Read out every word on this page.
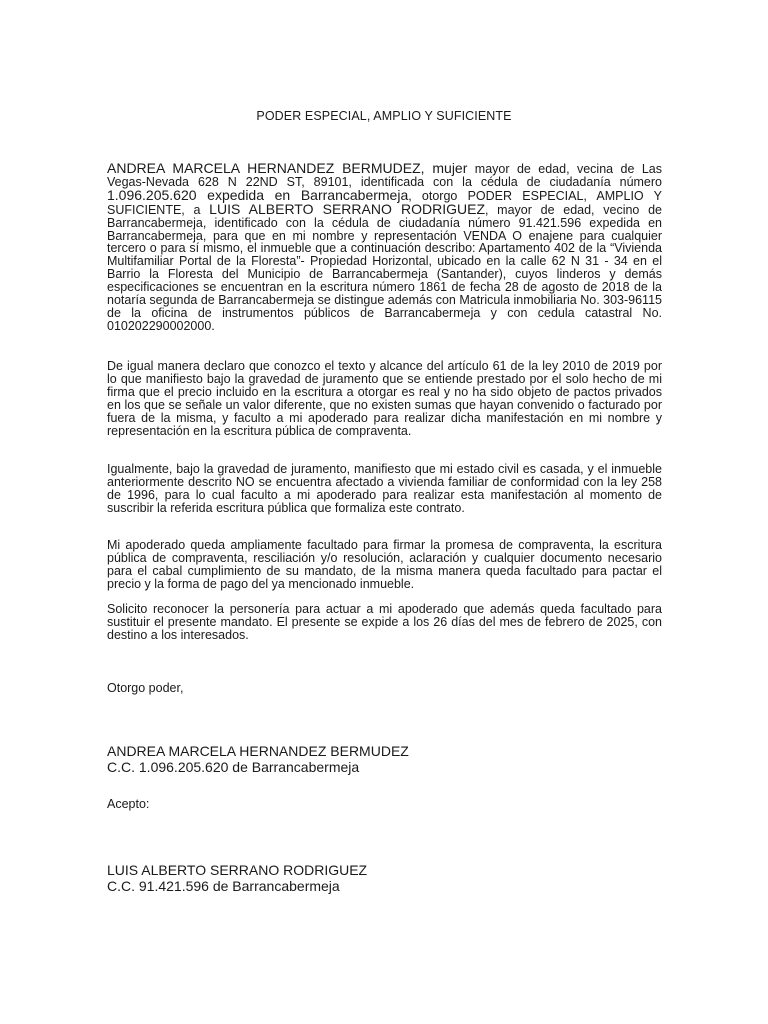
PODER ESPECIAL, AMPLIO Y SUFICIENTE

ANDREA MARCELA HERNANDEZ BERMUDEZ, mujer mayor de edad, vecina de Las Vegas-Nevada 628 N 22ND ST, 89101, identificada con la cédula de ciudadanía número 1.096.205.620 expedida en Barrancabermeja, otorgo PODER ESPECIAL, AMPLIO Y SUFICIENTE, a LUIS ALBERTO SERRANO RODRIGUEZ, mayor de edad, vecino de Barrancabermeja, identificado con la cédula de ciudadanía número 91.421.596 expedida en Barrancabermeja, para que en mi nombre y representación VENDA O enajene para cualquier tercero o para sí mismo, el inmueble que a continuación describo: Apartamento 402 de la “Vivienda Multifamiliar Portal de la Floresta”- Propiedad Horizontal, ubicado en la calle 62 N 31 - 34 en el Barrio la Floresta del Municipio de Barrancabermeja (Santander), cuyos linderos y demás especificaciones se encuentran en la escritura número 1861 de fecha 28 de agosto de 2018 de la notaría segunda de Barrancabermeja se distingue además con Matricula inmobiliaria No. 303-96115 de la oficina de instrumentos públicos de Barrancabermeja y con cedula catastral No. 010202290002000.

De igual manera declaro que conozco el texto y alcance del artículo 61 de la ley 2010 de 2019 por lo que manifiesto bajo la gravedad de juramento que se entiende prestado por el solo hecho de mi firma que el precio incluido en la escritura a otorgar es real y no ha sido objeto de pactos privados en los que se señale un valor diferente, que no existen sumas que hayan convenido o facturado por fuera de la misma, y faculto a mi apoderado para realizar dicha manifestación en mi nombre y representación en la escritura pública de compraventa.

Igualmente, bajo la gravedad de juramento, manifiesto que mi estado civil es casada, y el inmueble anteriormente descrito NO se encuentra afectado a vivienda familiar de conformidad con la ley 258 de 1996, para lo cual faculto a mi apoderado para realizar esta manifestación al momento de suscribir la referida escritura pública que formaliza este contrato.

Mi apoderado queda ampliamente facultado para firmar la promesa de compraventa, la escritura pública de compraventa, resciliación y/o resolución, aclaración y cualquier documento necesario para el cabal cumplimiento de su mandato, de la misma manera queda facultado para pactar el precio y la forma de pago del ya mencionado inmueble.

Solicito reconocer la personería para actuar a mi apoderado que además queda facultado para sustituir el presente mandato. El presente se expide a los 26 días del mes de febrero de 2025, con destino a los interesados.

Otorgo poder,
ANDREA MARCELA HERNANDEZ BERMUDEZ
C.C. 1.096.205.620 de Barrancabermeja
Acepto:
LUIS ALBERTO SERRANO RODRIGUEZ
C.C. 91.421.596 de Barrancabermeja
